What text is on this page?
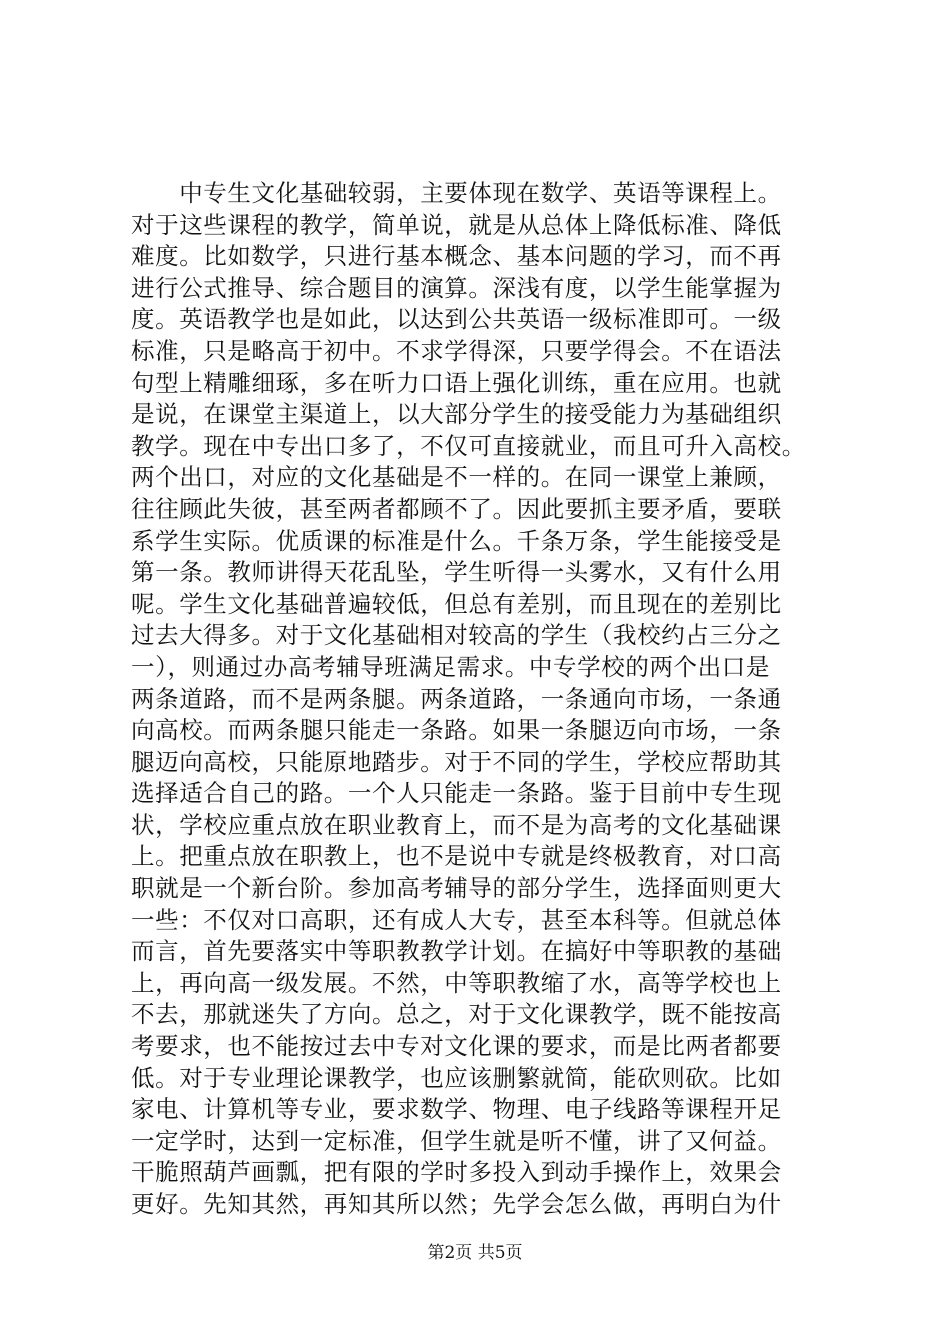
　　中专生文化基础较弱，主要体现在数学、英语等课程上。
对于这些课程的教学，简单说，就是从总体上降低标准、降低
难度。比如数学，只进行基本概念、基本问题的学习，而不再
进行公式推导、综合题目的演算。深浅有度，以学生能掌握为
度。英语教学也是如此，以达到公共英语一级标准即可。一级
标准，只是略高于初中。不求学得深，只要学得会。不在语法
句型上精雕细琢，多在听力口语上强化训练，重在应用。也就
是说，在课堂主渠道上，以大部分学生的接受能力为基础组织
教学。现在中专出口多了，不仅可直接就业，而且可升入高校。
两个出口，对应的文化基础是不一样的。在同一课堂上兼顾，
往往顾此失彼，甚至两者都顾不了。因此要抓主要矛盾，要联
系学生实际。优质课的标准是什么。千条万条，学生能接受是
第一条。教师讲得天花乱坠，学生听得一头雾水，又有什么用
呢。学生文化基础普遍较低，但总有差别，而且现在的差别比
过去大得多。对于文化基础相对较高的学生（我校约占三分之
一），则通过办高考辅导班满足需求。中专学校的两个出口是
两条道路，而不是两条腿。两条道路，一条通向市场，一条通
向高校。而两条腿只能走一条路。如果一条腿迈向市场，一条
腿迈向高校，只能原地踏步。对于不同的学生，学校应帮助其
选择适合自己的路。一个人只能走一条路。鉴于目前中专生现
状，学校应重点放在职业教育上，而不是为高考的文化基础课
上。把重点放在职教上，也不是说中专就是终极教育，对口高
职就是一个新台阶。参加高考辅导的部分学生，选择面则更大
一些：不仅对口高职，还有成人大专，甚至本科等。但就总体
而言，首先要落实中等职教教学计划。在搞好中等职教的基础
上，再向高一级发展。不然，中等职教缩了水，高等学校也上
不去，那就迷失了方向。总之，对于文化课教学，既不能按高
考要求，也不能按过去中专对文化课的要求，而是比两者都要
低。对于专业理论课教学，也应该删繁就简，能砍则砍。比如
家电、计算机等专业，要求数学、物理、电子线路等课程开足
一定学时，达到一定标准，但学生就是听不懂，讲了又何益。
干脆照葫芦画瓢，把有限的学时多投入到动手操作上，效果会
更好。先知其然，再知其所以然；先学会怎么做，再明白为什
第2页 共5页
